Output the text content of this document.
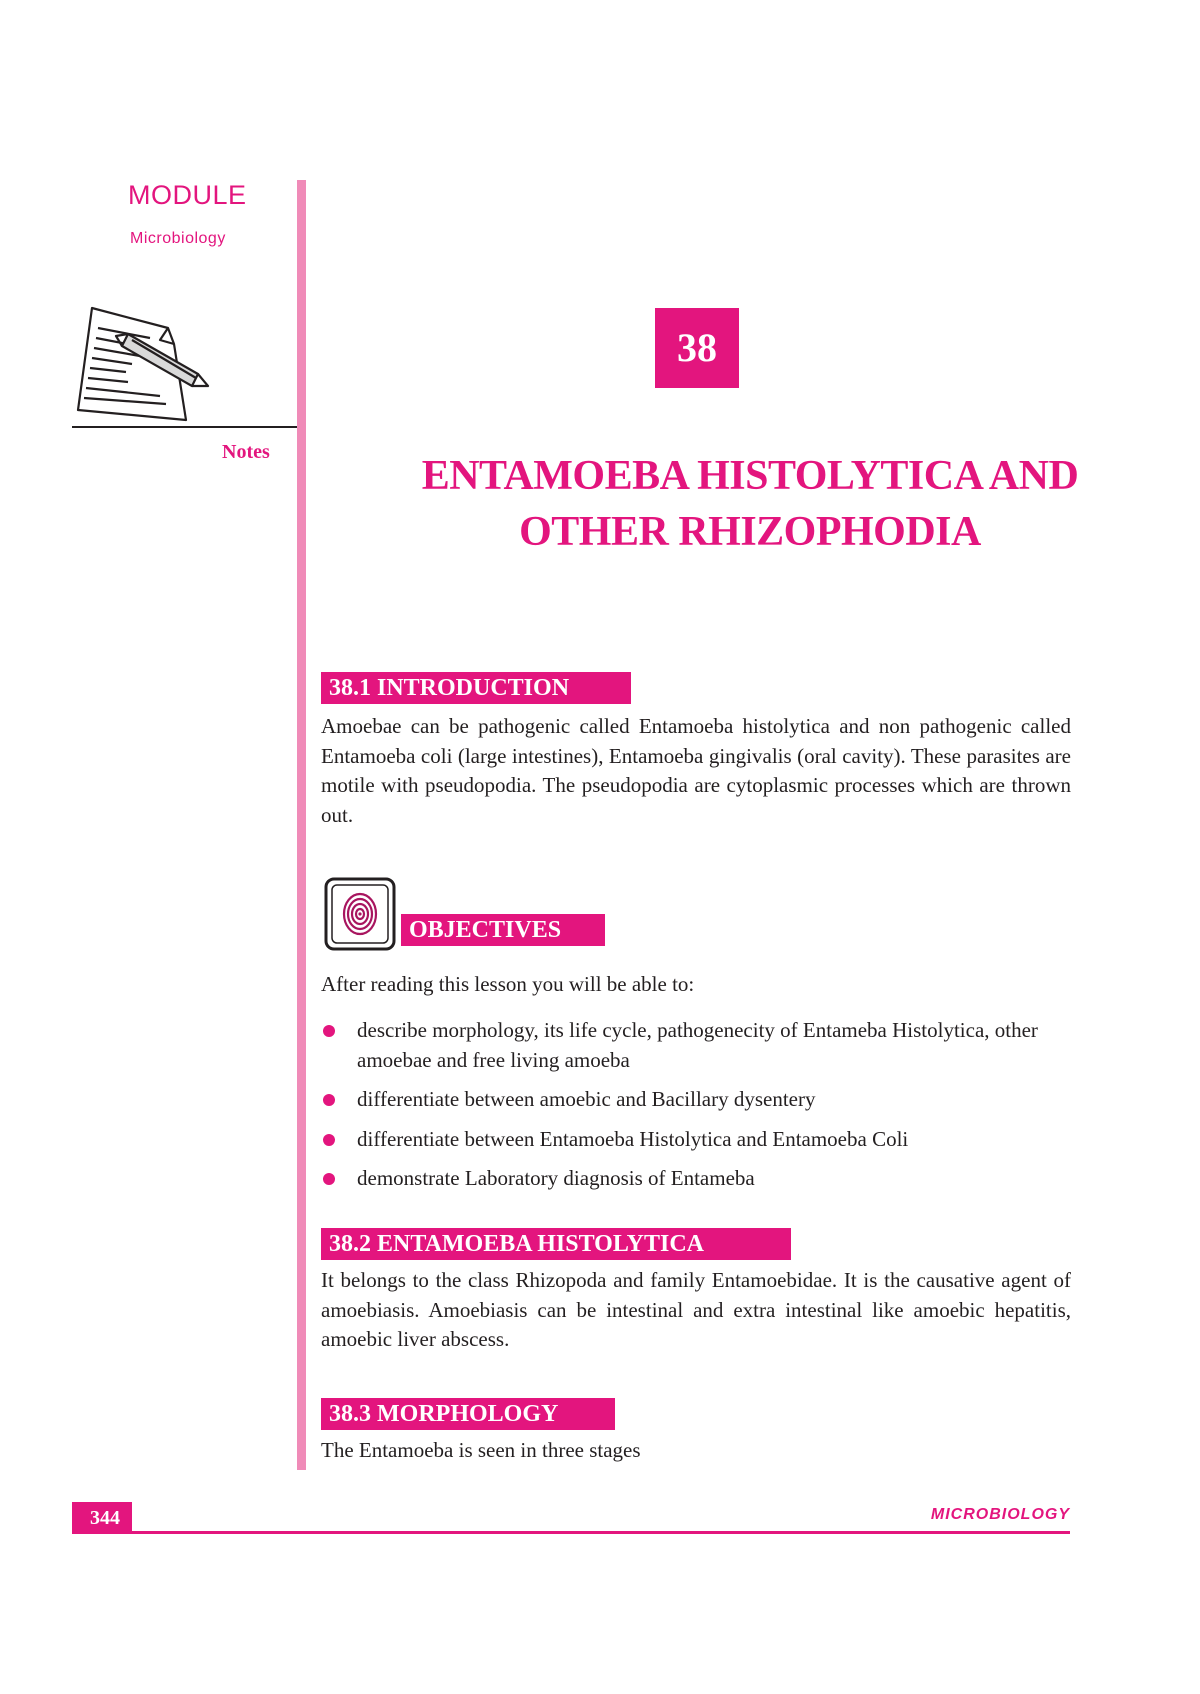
MODULE
Microbiology
Notes
38
ENTAMOEBA HISTOLYTICA AND
OTHER RHIZOPHODIA
38.1 INTRODUCTION
Amoebae can be pathogenic called Entamoeba histolytica and non pathogenic called Entamoeba coli (large intestines), Entamoeba gingivalis (oral cavity). These parasites are motile with pseudopodia. The pseudopodia are cytoplasmic processes which are thrown out.
OBJECTIVES
After reading this lesson you will be able to:
describe morphology, its life cycle, pathogenecity of Entameba Histolytica, other amoebae and free living amoeba
differentiate between amoebic and Bacillary dysentery
differentiate between Entamoeba Histolytica and Entamoeba Coli
demonstrate Laboratory diagnosis of Entameba
38.2 ENTAMOEBA HISTOLYTICA
It belongs to the class Rhizopoda and family Entamoebidae. It is the causative agent of amoebiasis. Amoebiasis can be intestinal and extra intestinal like amoebic hepatitis, amoebic liver abscess.
38.3 MORPHOLOGY
The Entamoeba is seen in three stages
344	MICROBIOLOGY
